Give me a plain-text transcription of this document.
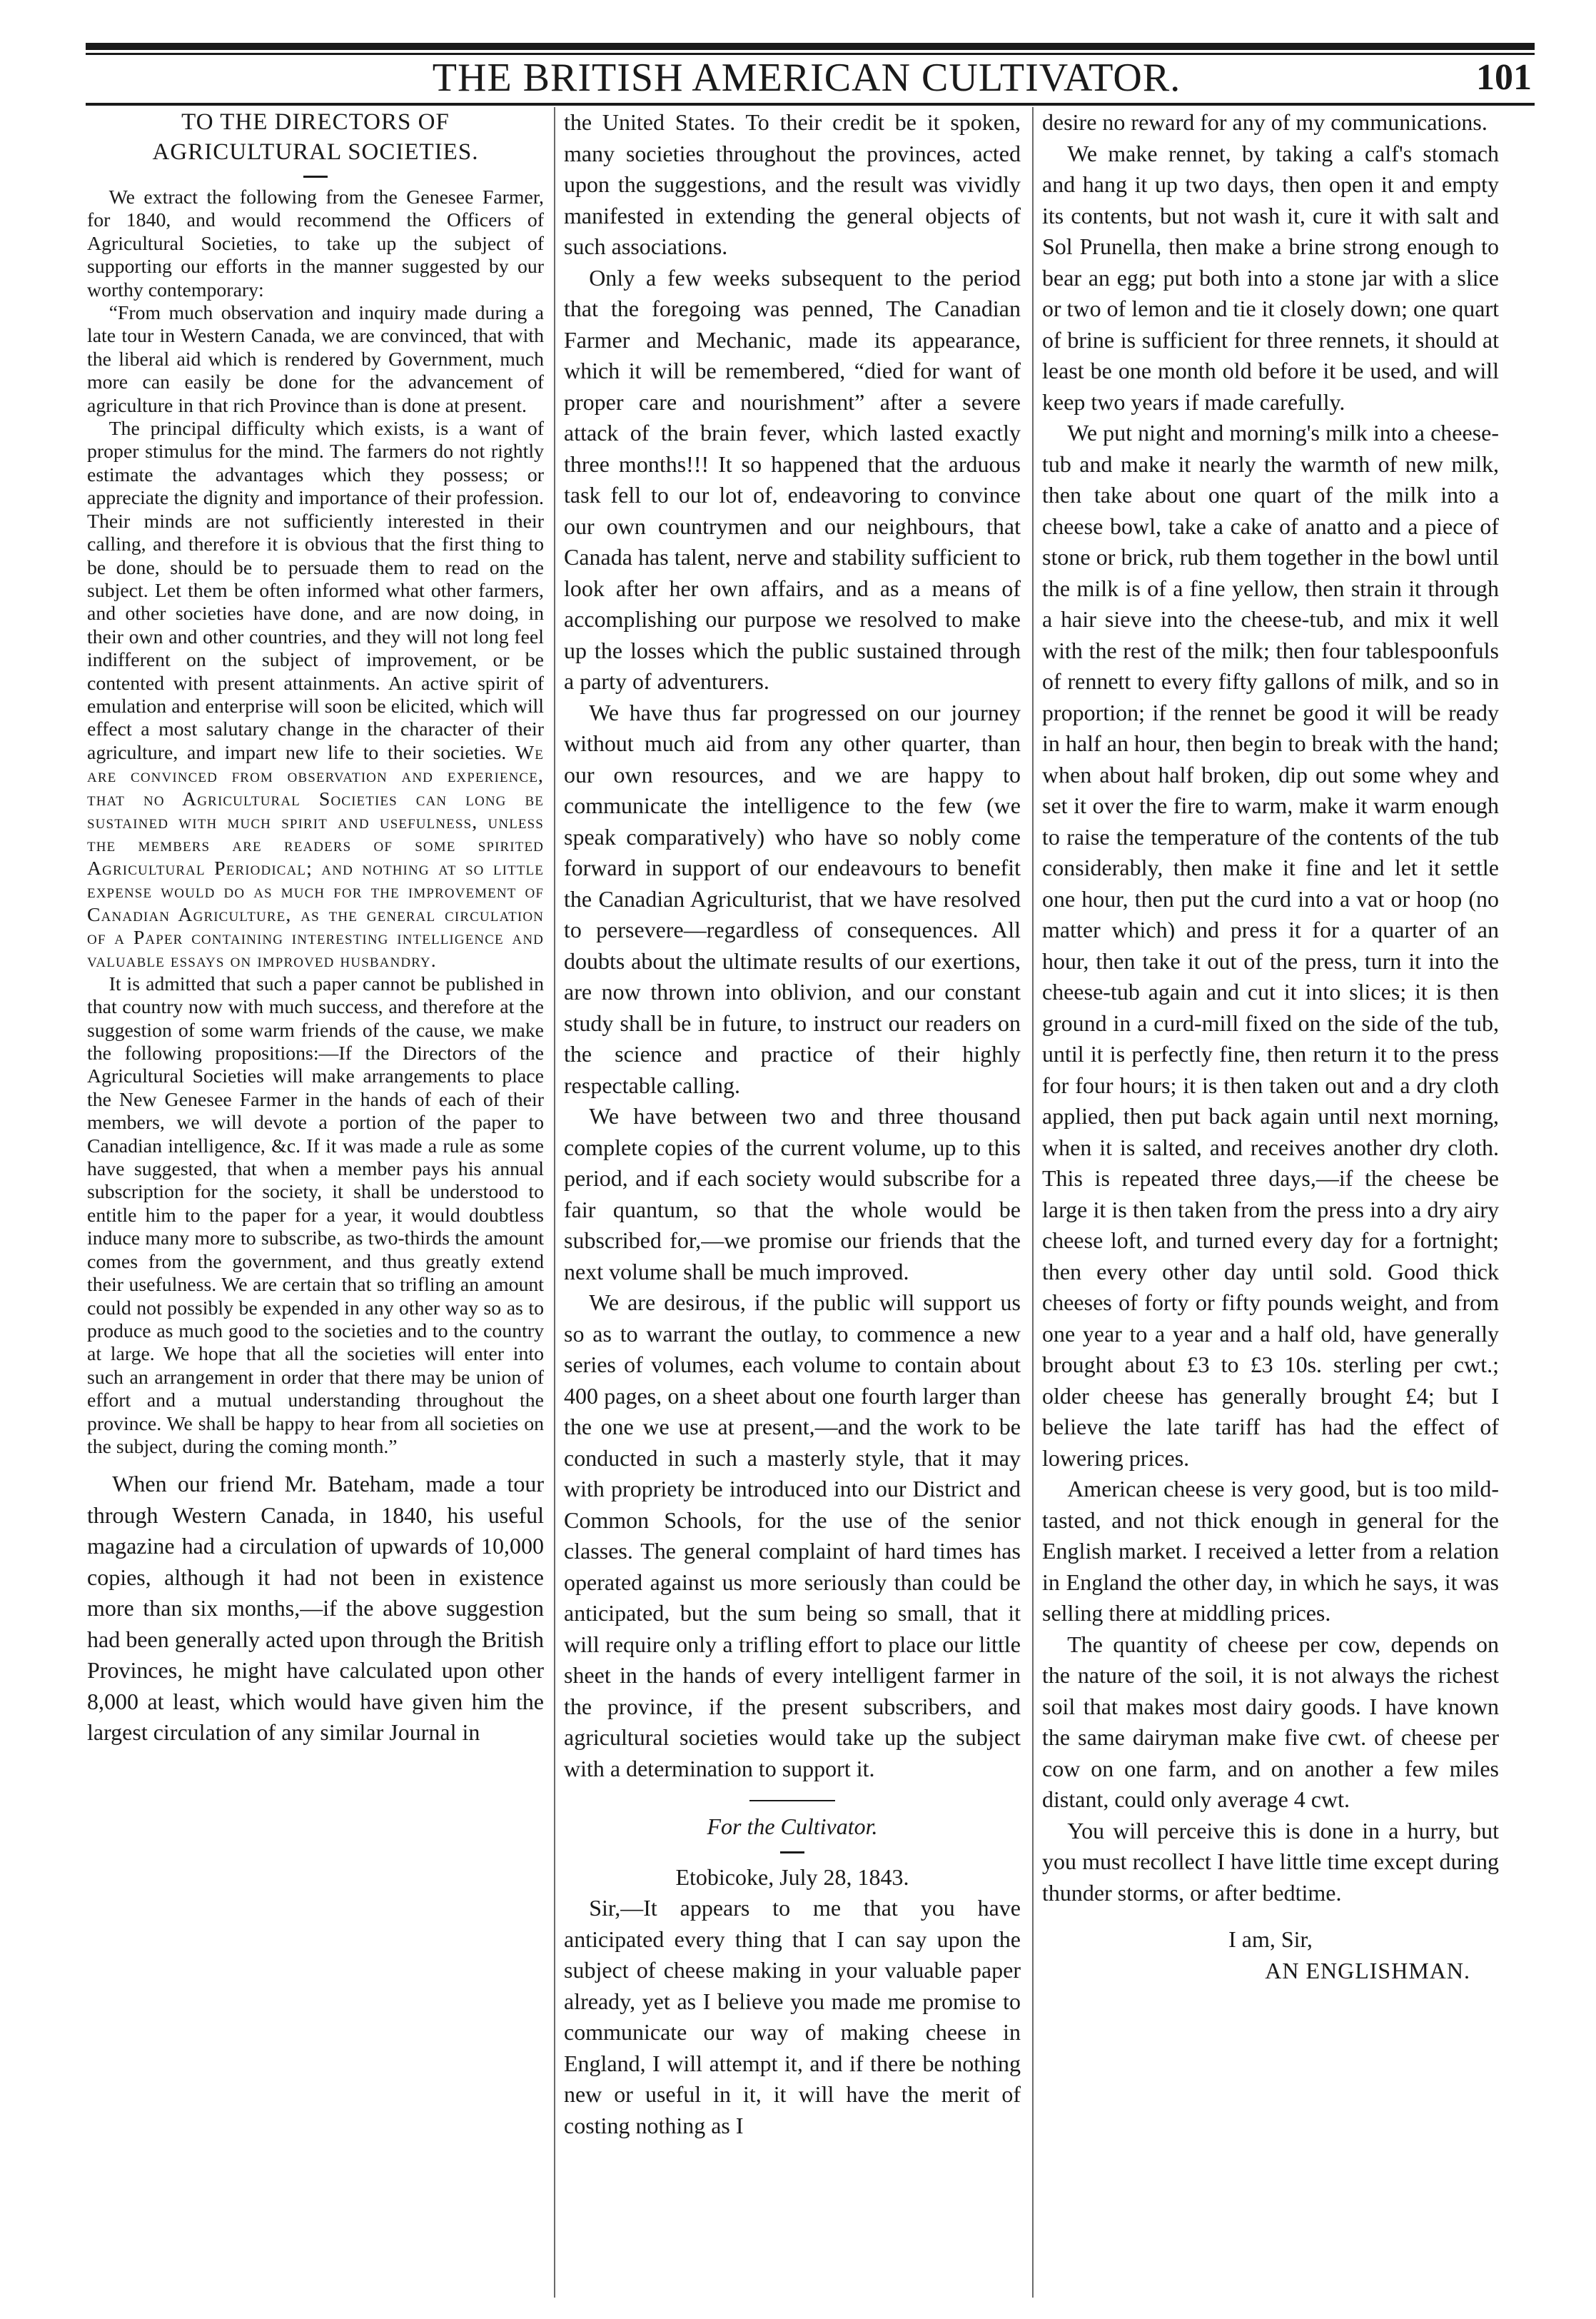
THE BRITISH AMERICAN CULTIVATOR.	101
TO THE DIRECTORS OF AGRICULTURAL SOCIETIES.

We extract the following from the Genesee Farmer, for 1840, and would recommend the Officers of Agricultural Societies, to take up the subject of supporting our efforts in the manner suggested by our worthy contemporary:

“From much observation and inquiry made during a late tour in Western Canada, we are convinced, that with the liberal aid which is rendered by Government, much more can easily be done for the advancement of agriculture in that rich Province than is done at present.

The principal difficulty which exists, is a want of proper stimulus for the mind. The farmers do not rightly estimate the advantages which they possess; or appreciate the dignity and importance of their profession. Their minds are not sufficiently interested in their calling, and therefore it is obvious that the first thing to be done, should be to persuade them to read on the subject. Let them be often informed what other farmers, and other societies have done, and are now doing, in their own and other countries, and they will not long feel indifferent on the subject of improvement, or be contented with present attainments. An active spirit of emulation and enterprise will soon be elicited, which will effect a most salutary change in the character of their agriculture, and impart new life to their societies. We are convinced from observation and experience, that no Agricultural Societies can long be sustained with much spirit and usefulness, unless the members are readers of some spirited Agricultural Periodical; and nothing at so little expense would do as much for the improvement of Canadian Agriculture, as the general circulation of a Paper containing interesting intelligence and valuable essays on improved husbandry.

It is admitted that such a paper cannot be published in that country now with much success, and therefore at the suggestion of some warm friends of the cause, we make the following propositions:—If the Directors of the Agricultural Societies will make arrangements to place the New Genesee Farmer in the hands of each of their members, we will devote a portion of the paper to Canadian intelligence, &c. If it was made a rule as some have suggested, that when a member pays his annual subscription for the society, it shall be understood to entitle him to the paper for a year, it would doubtless induce many more to subscribe, as two-thirds the amount comes from the government, and thus greatly extend their usefulness. We are certain that so trifling an amount could not possibly be expended in any other way so as to produce as much good to the societies and to the country at large. We hope that all the societies will enter into such an arrangement in order that there may be union of effort and a mutual understanding throughout the province. We shall be happy to hear from all societies on the subject, during the coming month.”

When our friend Mr. Bateham, made a tour through Western Canada, in 1840, his useful magazine had a circulation of upwards of 10,000 copies, although it had not been in existence more than six months,—if the above suggestion had been generally acted upon through the British Provinces, he might have calculated upon other 8,000 at least, which would have given him the largest circulation of any similar Journal in

the United States. To their credit be it spoken, many societies throughout the provinces, acted upon the suggestions, and the result was vividly manifested in extending the general objects of such associations.

Only a few weeks subsequent to the period that the foregoing was penned, The Canadian Farmer and Mechanic, made its appearance, which it will be remembered, “died for want of proper care and nourishment” after a severe attack of the brain fever, which lasted exactly three months!!! It so happened that the arduous task fell to our lot of, endeavoring to convince our own countrymen and our neighbours, that Canada has talent, nerve and stability sufficient to look after her own affairs, and as a means of accomplishing our purpose we resolved to make up the losses which the public sustained through a party of adventurers.

We have thus far progressed on our journey without much aid from any other quarter, than our own resources, and we are happy to communicate the intelligence to the few (we speak comparatively) who have so nobly come forward in support of our endeavours to benefit the Canadian Agriculturist, that we have resolved to persevere—regardless of consequences. All doubts about the ultimate results of our exertions, are now thrown into oblivion, and our constant study shall be in future, to instruct our readers on the science and practice of their highly respectable calling.

We have between two and three thousand complete copies of the current volume, up to this period, and if each society would subscribe for a fair quantum, so that the whole would be subscribed for,—we promise our friends that the next volume shall be much improved.

We are desirous, if the public will support us so as to warrant the outlay, to commence a new series of volumes, each volume to contain about 400 pages, on a sheet about one fourth larger than the one we use at present,—and the work to be conducted in such a masterly style, that it may with propriety be introduced into our District and Common Schools, for the use of the senior classes. The general complaint of hard times has operated against us more seriously than could be anticipated, but the sum being so small, that it will require only a trifling effort to place our little sheet in the hands of every intelligent farmer in the province, if the present subscribers, and agricultural societies would take up the subject with a determination to support it.

For the Cultivator.

Etobicoke, July 28, 1843.

Sir,—It appears to me that you have anticipated every thing that I can say upon the subject of cheese making in your valuable paper already, yet as I believe you made me promise to communicate our way of making cheese in England, I will attempt it, and if there be nothing new or useful in it, it will have the merit of costing nothing as I

desire no reward for any of my communications.

We make rennet, by taking a calf's stomach and hang it up two days, then open it and empty its contents, but not wash it, cure it with salt and Sol Prunella, then make a brine strong enough to bear an egg; put both into a stone jar with a slice or two of lemon and tie it closely down; one quart of brine is sufficient for three rennets, it should at least be one month old before it be used, and will keep two years if made carefully.

We put night and morning's milk into a cheese-tub and make it nearly the warmth of new milk, then take about one quart of the milk into a cheese bowl, take a cake of anatto and a piece of stone or brick, rub them together in the bowl until the milk is of a fine yellow, then strain it through a hair sieve into the cheese-tub, and mix it well with the rest of the milk; then four tablespoonfuls of rennett to every fifty gallons of milk, and so in proportion; if the rennet be good it will be ready in half an hour, then begin to break with the hand; when about half broken, dip out some whey and set it over the fire to warm, make it warm enough to raise the temperature of the contents of the tub considerably, then make it fine and let it settle one hour, then put the curd into a vat or hoop (no matter which) and press it for a quarter of an hour, then take it out of the press, turn it into the cheese-tub again and cut it into slices; it is then ground in a curd-mill fixed on the side of the tub, until it is perfectly fine, then return it to the press for four hours; it is then taken out and a dry cloth applied, then put back again until next morning, when it is salted, and receives another dry cloth. This is repeated three days,—if the cheese be large it is then taken from the press into a dry airy cheese loft, and turned every day for a fortnight; then every other day until sold. Good thick cheeses of forty or fifty pounds weight, and from one year to a year and a half old, have generally brought about £3 to £3 10s. sterling per cwt.; older cheese has generally brought £4; but I believe the late tariff has had the effect of lowering prices.

American cheese is very good, but is too mild-tasted, and not thick enough in general for the English market. I received a letter from a relation in England the other day, in which he says, it was selling there at middling prices.

The quantity of cheese per cow, depends on the nature of the soil, it is not always the richest soil that makes most dairy goods. I have known the same dairyman make five cwt. of cheese per cow on one farm, and on another a few miles distant, could only average 4 cwt.

You will perceive this is done in a hurry, but you must recollect I have little time except during thunder storms, or after bedtime.

I am, Sir,

AN ENGLISHMAN.
